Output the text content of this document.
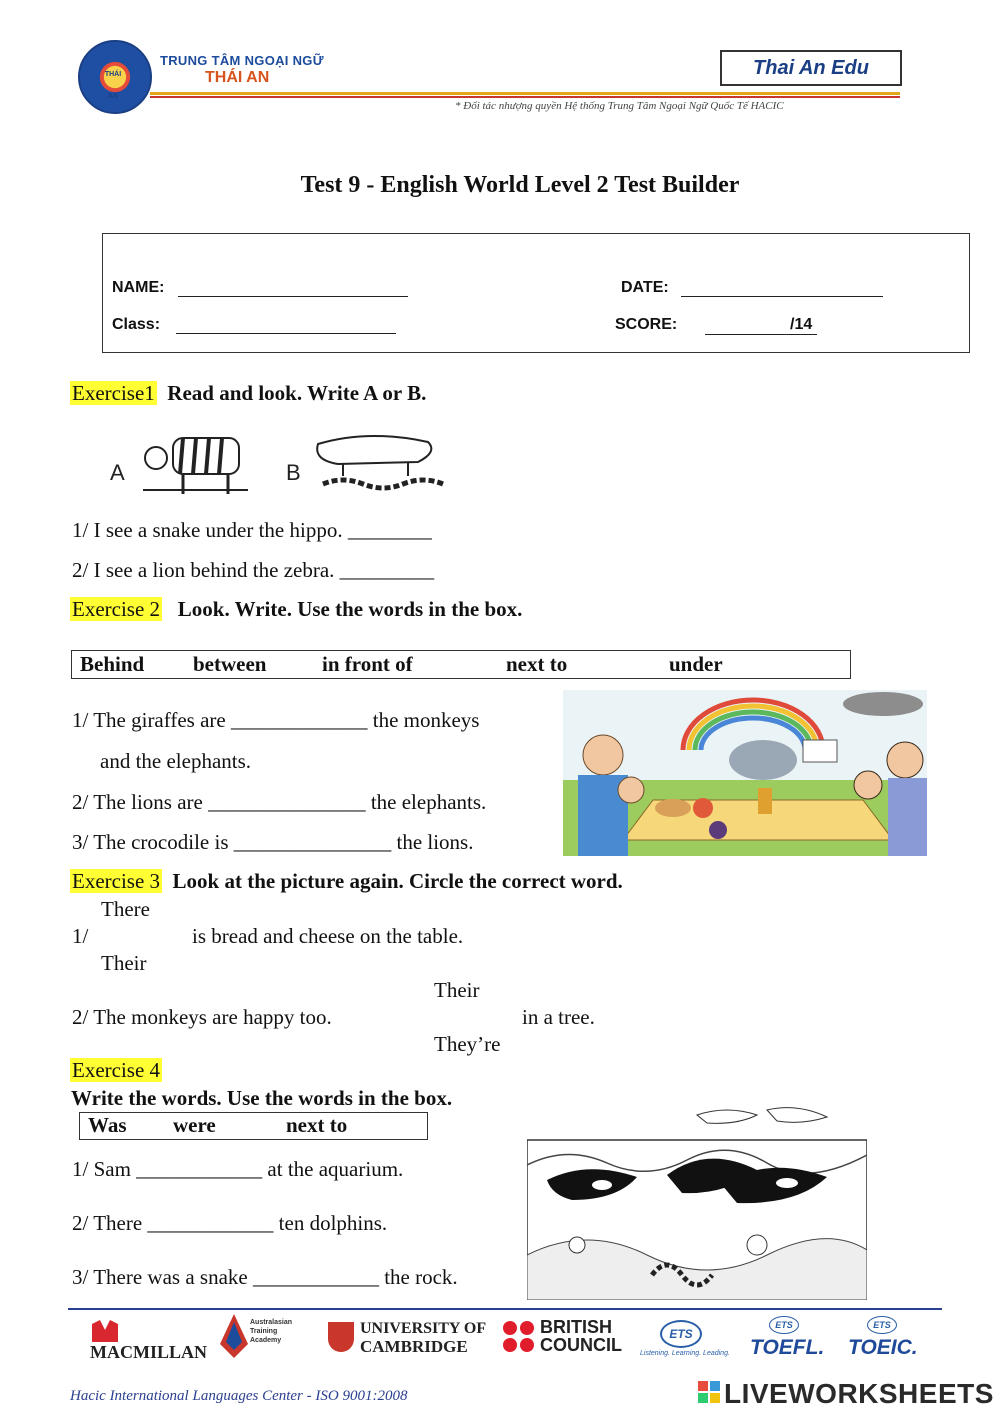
THÁI AN
TRUNG TÂM NGOẠI NGỮ
THÁI AN	Thai An Edu
* Đối tác nhượng quyền Hệ thống Trung Tâm Ngoại Ngữ Quốc Tế HACIC
Test 9 - English World Level 2 Test Builder
NAME:	DATE:
Class:	SCORE:	/14
Exercise1 Read and look. Write A or B.
A	B
1/ I see a snake under the hippo. ________
2/ I see a lion behind the zebra. _________
Exercise 2 Look. Write. Use the words in the box.
Behind between	in front of	next to	under
1/ The giraffes are _____________ the monkeys
and the elephants.
2/ The lions are _______________ the elephants.
3/ The crocodile is _______________ the lions.
Exercise 3 Look at the picture again. Circle the correct word.
There
1/	is bread and cheese on the table.
Their
Their
2/ The monkeys are happy too.	in a tree.
They’re
Exercise 4
Write the words. Use the words in the box.
Was were	next to
1/ Sam ____________ at the aquarium.
2/ There ____________ ten dolphins.
3/ There was a snake ____________ the rock.
MACMILLAN
Australasian Training Academy
UNIVERSITY OF
CAMBRIDGE
BRITISH
COUNCIL
ETS
Listening. Learning. Leading.
ETS
TOEFL.
ETS
TOEIC.
Hacic International Languages Center - ISO 9001:2008	LIVEWORKSHEETS
